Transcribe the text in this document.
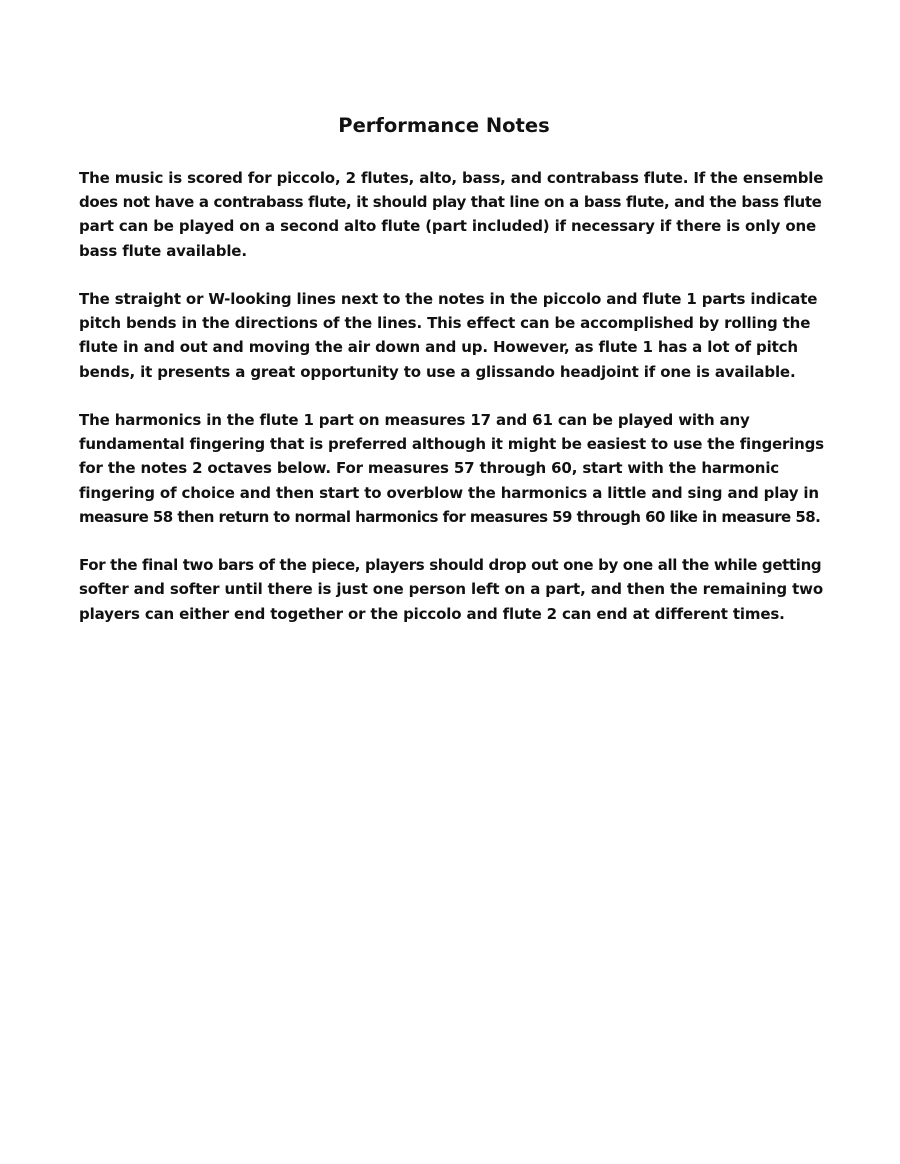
Performance Notes

The music is scored for piccolo, 2 flutes, alto, bass, and contrabass flute. If the ensemble
does not have a contrabass flute, it should play that line on a bass flute, and the bass flute
part can be played on a second alto flute (part included) if necessary if there is only one
bass flute available.

The straight or W-looking lines next to the notes in the piccolo and flute 1 parts indicate
pitch bends in the directions of the lines. This effect can be accomplished by rolling the
flute in and out and moving the air down and up. However, as flute 1 has a lot of pitch
bends, it presents a great opportunity to use a glissando headjoint if one is available.

The harmonics in the flute 1 part on measures 17 and 61 can be played with any
fundamental fingering that is preferred although it might be easiest to use the fingerings
for the notes 2 octaves below. For measures 57 through 60, start with the harmonic
fingering of choice and then start to overblow the harmonics a little and sing and play in
measure 58 then return to normal harmonics for measures 59 through 60 like in measure 58.

For the final two bars of the piece, players should drop out one by one all the while getting
softer and softer until there is just one person left on a part, and then the remaining two
players can either end together or the piccolo and flute 2 can end at different times.
